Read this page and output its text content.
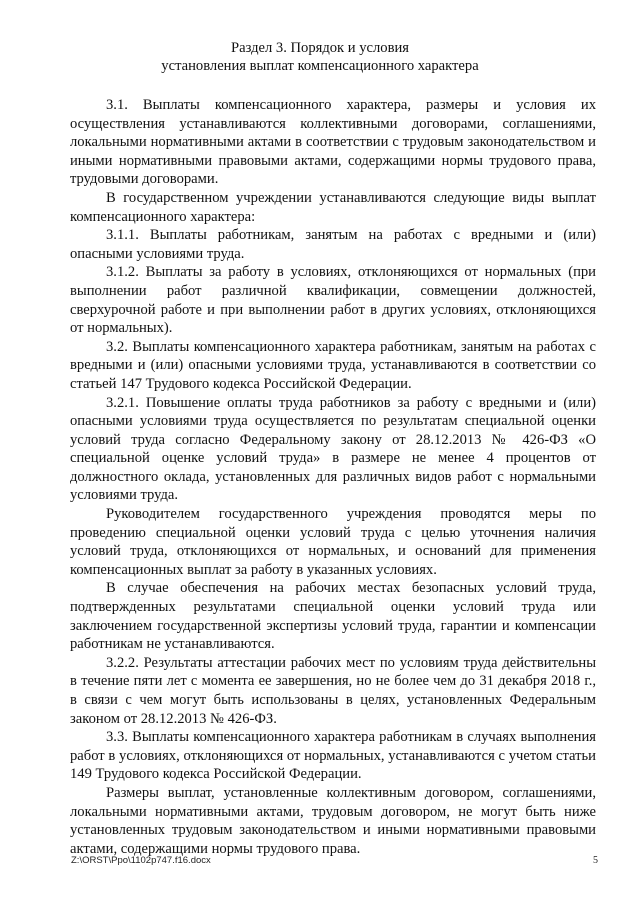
Раздел 3. Порядок и условия
установления выплат компенсационного характера

3.1. Выплаты компенсационного характера, размеры и условия их осуществления устанавливаются коллективными договорами, соглашениями, локальными нормативными актами в соответствии с трудовым законодательством и иными нормативными правовыми актами, содержащими нормы трудового права, трудовыми договорами.

В государственном учреждении устанавливаются следующие виды выплат компенсационного характера:

3.1.1. Выплаты работникам, занятым на работах с вредными и (или) опасными условиями труда.

3.1.2. Выплаты за работу в условиях, отклоняющихся от нормальных (при выполнении работ различной квалификации, совмещении должностей, сверхурочной работе и при выполнении работ в других условиях, отклоняющихся от нормальных).

3.2. Выплаты компенсационного характера работникам, занятым на работах с вредными и (или) опасными условиями труда, устанавливаются в соответствии со статьей 147 Трудового кодекса Российской Федерации.

3.2.1. Повышение оплаты труда работников за работу с вредными и (или) опасными условиями труда осуществляется по результатам специальной оценки условий труда согласно Федеральному закону от 28.12.2013 № 426-ФЗ «О специальной оценке условий труда» в размере не менее 4 процентов от должностного оклада, установленных для различных видов работ с нормальными условиями труда.

Руководителем государственного учреждения проводятся меры по проведению специальной оценки условий труда с целью уточнения наличия условий труда, отклоняющихся от нормальных, и оснований для применения компенсационных выплат за работу в указанных условиях.

В случае обеспечения на рабочих местах безопасных условий труда, подтвержденных результатами специальной оценки условий труда или заключением государственной экспертизы условий труда, гарантии и компенсации работникам не устанавливаются.

3.2.2. Результаты аттестации рабочих мест по условиям труда действительны в течение пяти лет с момента ее завершения, но не более чем до 31 декабря 2018 г., в связи с чем могут быть использованы в целях, установленных Федеральным законом от 28.12.2013 № 426-ФЗ.

3.3. Выплаты компенсационного характера работникам в случаях выполнения работ в условиях, отклоняющихся от нормальных, устанавливаются с учетом статьи 149 Трудового кодекса Российской Федерации.

Размеры выплат, установленные коллективным договором, соглашениями, локальными нормативными актами, трудовым договором, не могут быть ниже установленных трудовым законодательством и иными нормативными правовыми актами, содержащими нормы трудового права.

Z:\ORST\Ppo\1102p747.f16.docx	5
